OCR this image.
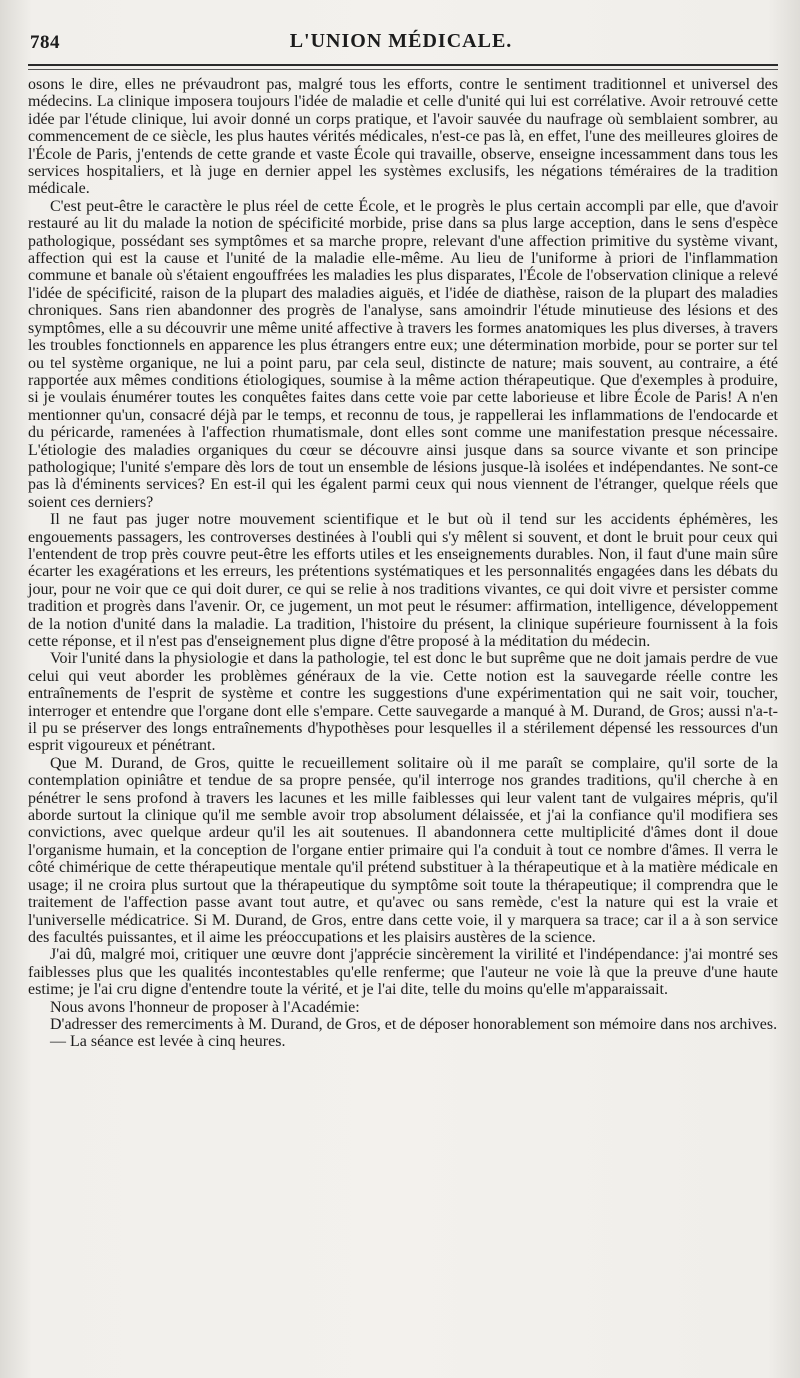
784	L'UNION MÉDICALE.

osons le dire, elles ne prévaudront pas, malgré tous les efforts, contre le sentiment traditionnel et universel des médecins. La clinique imposera toujours l'idée de maladie et celle d'unité qui lui est corrélative. Avoir retrouvé cette idée par l'étude clinique, lui avoir donné un corps pratique, et l'avoir sauvée du naufrage où semblaient sombrer, au commencement de ce siècle, les plus hautes vérités médicales, n'est-ce pas là, en effet, l'une des meilleures gloires de l'École de Paris, j'entends de cette grande et vaste École qui travaille, observe, enseigne incessamment dans tous les services hospitaliers, et là juge en dernier appel les systèmes exclusifs, les négations téméraires de la tradition médicale.

C'est peut-être le caractère le plus réel de cette École, et le progrès le plus certain accompli par elle, que d'avoir restauré au lit du malade la notion de spécificité morbide, prise dans sa plus large acception, dans le sens d'espèce pathologique, possédant ses symptômes et sa marche propre, relevant d'une affection primitive du système vivant, affection qui est la cause et l'unité de la maladie elle-même. Au lieu de l'uniforme à priori de l'inflammation commune et banale où s'étaient engouffrées les maladies les plus disparates, l'École de l'observation clinique a relevé l'idée de spécificité, raison de la plupart des maladies aiguës, et l'idée de diathèse, raison de la plupart des maladies chroniques. Sans rien abandonner des progrès de l'analyse, sans amoindrir l'étude minutieuse des lésions et des symptômes, elle a su découvrir une même unité affective à travers les formes anatomiques les plus diverses, à travers les troubles fonctionnels en apparence les plus étrangers entre eux; une détermination morbide, pour se porter sur tel ou tel système organique, ne lui a point paru, par cela seul, distincte de nature; mais souvent, au contraire, a été rapportée aux mêmes conditions étiologiques, soumise à la même action thérapeutique. Que d'exemples à produire, si je voulais énumérer toutes les conquêtes faites dans cette voie par cette laborieuse et libre École de Paris! A n'en mentionner qu'un, consacré déjà par le temps, et reconnu de tous, je rappellerai les inflammations de l'endocarde et du péricarde, ramenées à l'affection rhumatismale, dont elles sont comme une manifestation presque nécessaire. L'étiologie des maladies organiques du cœur se découvre ainsi jusque dans sa source vivante et son principe pathologique; l'unité s'empare dès lors de tout un ensemble de lésions jusque-là isolées et indépendantes. Ne sont-ce pas là d'éminents services? En est-il qui les égalent parmi ceux qui nous viennent de l'étranger, quelque réels que soient ces derniers?

Il ne faut pas juger notre mouvement scientifique et le but où il tend sur les accidents éphémères, les engouements passagers, les controverses destinées à l'oubli qui s'y mêlent si souvent, et dont le bruit pour ceux qui l'entendent de trop près couvre peut-être les efforts utiles et les enseignements durables. Non, il faut d'une main sûre écarter les exagérations et les erreurs, les prétentions systématiques et les personnalités engagées dans les débats du jour, pour ne voir que ce qui doit durer, ce qui se relie à nos traditions vivantes, ce qui doit vivre et persister comme tradition et progrès dans l'avenir. Or, ce jugement, un mot peut le résumer: affirmation, intelligence, développement de la notion d'unité dans la maladie. La tradition, l'histoire du présent, la clinique supérieure fournissent à la fois cette réponse, et il n'est pas d'enseignement plus digne d'être proposé à la méditation du médecin.

Voir l'unité dans la physiologie et dans la pathologie, tel est donc le but suprême que ne doit jamais perdre de vue celui qui veut aborder les problèmes généraux de la vie. Cette notion est la sauvegarde réelle contre les entraînements de l'esprit de système et contre les suggestions d'une expérimentation qui ne sait voir, toucher, interroger et entendre que l'organe dont elle s'empare. Cette sauvegarde a manqué à M. Durand, de Gros; aussi n'a-t-il pu se préserver des longs entraînements d'hypothèses pour lesquelles il a stérilement dépensé les ressources d'un esprit vigoureux et pénétrant.

Que M. Durand, de Gros, quitte le recueillement solitaire où il me paraît se complaire, qu'il sorte de la contemplation opiniâtre et tendue de sa propre pensée, qu'il interroge nos grandes traditions, qu'il cherche à en pénétrer le sens profond à travers les lacunes et les mille faiblesses qui leur valent tant de vulgaires mépris, qu'il aborde surtout la clinique qu'il me semble avoir trop absolument délaissée, et j'ai la confiance qu'il modifiera ses convictions, avec quelque ardeur qu'il les ait soutenues. Il abandonnera cette multiplicité d'âmes dont il doue l'organisme humain, et la conception de l'organe entier primaire qui l'a conduit à tout ce nombre d'âmes. Il verra le côté chimérique de cette thérapeutique mentale qu'il prétend substituer à la thérapeutique et à la matière médicale en usage; il ne croira plus surtout que la thérapeutique du symptôme soit toute la thérapeutique; il comprendra que le traitement de l'affection passe avant tout autre, et qu'avec ou sans remède, c'est la nature qui est la vraie et l'universelle médicatrice. Si M. Durand, de Gros, entre dans cette voie, il y marquera sa trace; car il a à son service des facultés puissantes, et il aime les préoccupations et les plaisirs austères de la science.

J'ai dû, malgré moi, critiquer une œuvre dont j'apprécie sincèrement la virilité et l'indépendance: j'ai montré ses faiblesses plus que les qualités incontestables qu'elle renferme; que l'auteur ne voie là que la preuve d'une haute estime; je l'ai cru digne d'entendre toute la vérité, et je l'ai dite, telle du moins qu'elle m'apparaissait.

Nous avons l'honneur de proposer à l'Académie:

D'adresser des remerciments à M. Durand, de Gros, et de déposer honorablement son mémoire dans nos archives.

— La séance est levée à cinq heures.
